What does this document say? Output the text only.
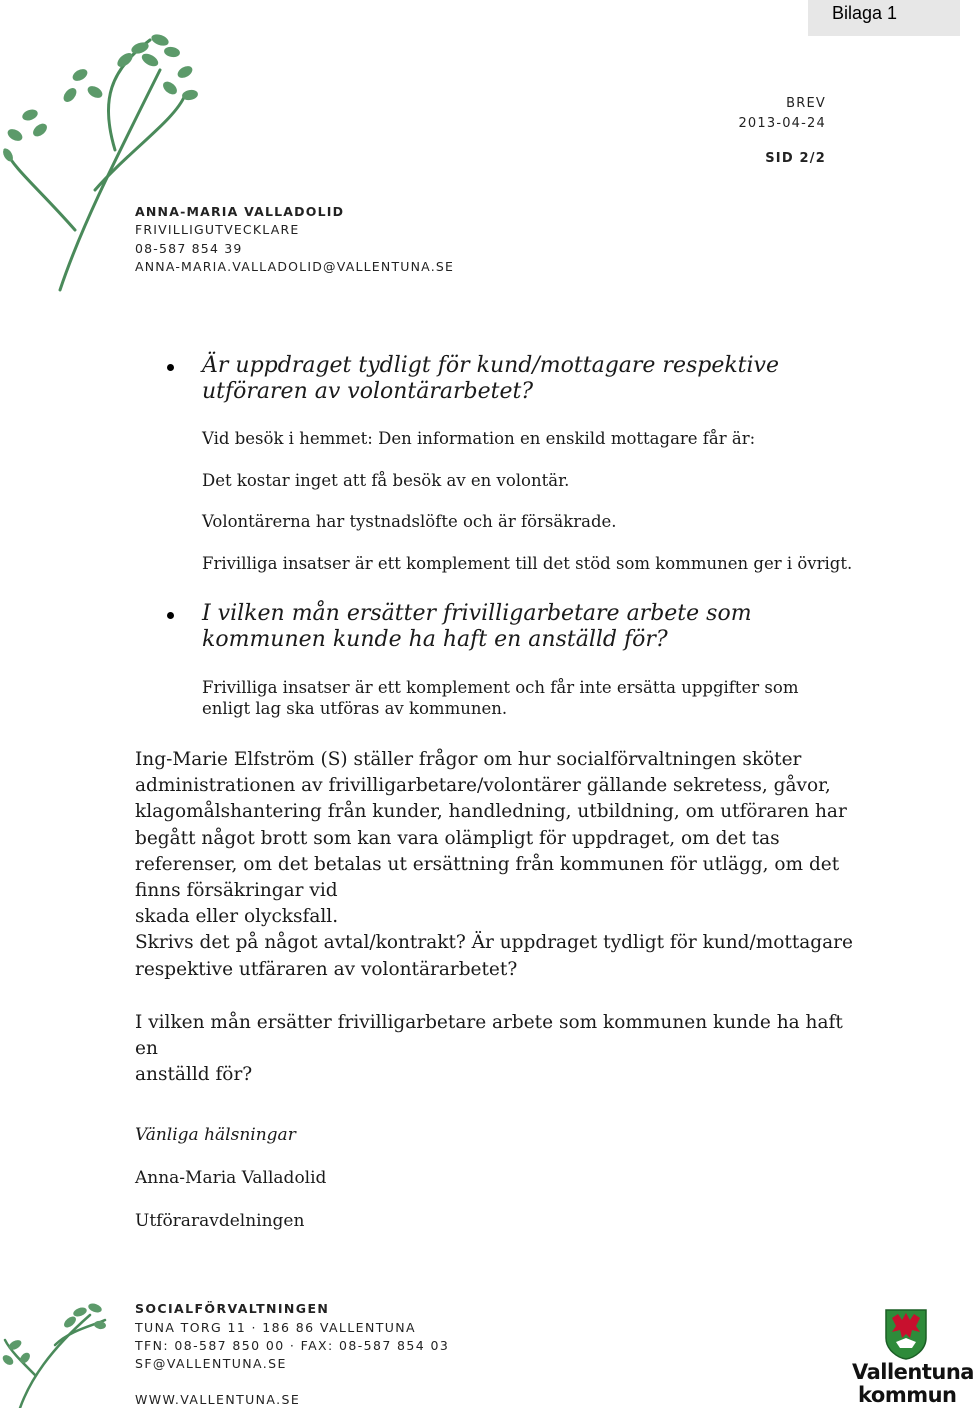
Bilaga 1
BREV
2013-04-24
SID 2/2
ANNA-MARIA VALLADOLID
FRIVILLIGUTVECKLARE
08-587 854 39
ANNA-MARIA.VALLADOLID@VALLENTUNA.SE
Är uppdraget tydligt för kund/mottagare respektive utföraren av volontärarbetet?
Vid besök i hemmet: Den information en enskild mottagare får är:
Det kostar inget att få besök av en volontär.
Volontärerna har tystnadslöfte och är försäkrade.
Frivilliga insatser är ett komplement till det stöd som kommunen ger i övrigt.
I vilken mån ersätter frivilligarbetare arbete som kommunen kunde ha haft en anställd för?
Frivilliga insatser är ett komplement och får inte ersätta uppgifter som enligt lag ska utföras av kommunen.

Ing-Marie Elfström (S) ställer frågor om hur socialförvaltningen sköter

administrationen av frivilligarbetare/volontärer gällande sekretess, gåvor,

klagomålshantering från kunder, handledning, utbildning, om utföraren har

begått något brott som kan vara olämpligt för uppdraget, om det tas

referenser, om det betalas ut ersättning från kommunen för utlägg, om det

finns försäkringar vid

skada eller olycksfall.

Skrivs det på något avtal/kontrakt? Är uppdraget tydligt för kund/mottagare

respektive utfäraren av volontärarbetet?

I vilken mån ersätter frivilligarbetare arbete som kommunen kunde ha haft en

anställd för?

Vänliga hälsningar
Anna-Maria Valladolid
Utföraravdelningen
SOCIALFÖRVALTNINGEN
TUNA TORG 11 · 186 86 VALLENTUNA
TFN: 08-587 850 00 · FAX: 08-587 854 03
SF@VALLENTUNA.SE
WWW.VALLENTUNA.SE
Vallentuna
kommun
